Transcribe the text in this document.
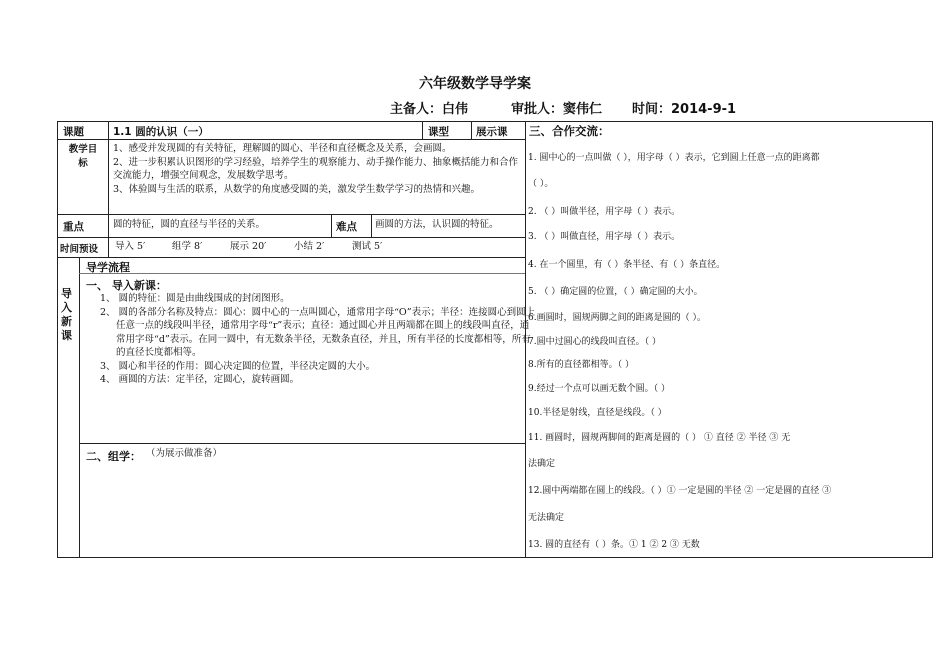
六年级数学导学案
主备人：白伟	审批人：窦伟仁 时间：2014-9-1
课题	1.1 圆的认识（一）	课型	展示课
教学目标
1、感受并发现圆的有关特征，理解圆的圆心、半径和直径概念及关系，会画圆。
2、进一步积累认识图形的学习经验，培养学生的观察能力、动手操作能力、抽象概括能力和合作交流能力，增强空间观念，发展数学思考。
3、体验圆与生活的联系，从数学的角度感受圆的美，激发学生数学学习的热情和兴趣。
重点	圆的特征，圆的直径与半径的关系。	难点 画圆的方法，认识圆的特征。
时间预设 导入 5′	组学 8′	展示 20′	小结 2′	测试 5′
导学流程
导入新课
一、 导入新课：
1、 圆的特征：圆是由曲线围成的封闭图形。
2、 圆的各部分名称及特点：圆心：圆中心的一点叫圆心，通常用字母“O”表示；半径：连接圆心到圆上任意一点的线段叫半径，通常用字母“r”表示；直径：通过圆心并且两端都在圆上的线段叫直径，通常用字母“d”表示。在同一圆中，有无数条半径，无数条直径，并且，所有半径的长度都相等，所有的直径长度都相等。
3、 圆心和半径的作用：圆心决定圆的位置，半径决定圆的大小。
4、 画圆的方法：定半径，定圆心，旋转画圆。
二、组学： （为展示做准备）
三、合作交流：
1. 圆中心的一点叫做（ ），用字母（ ）表示，它到圆上任意一点的距离都
（ ）。
2. （ ）叫做半径，用字母（ ）表示。
3. （ ）叫做直径，用字母（ ）表示。
4. 在一个圆里，有（ ）条半径、有（ ）条直径。
5. （ ）确定圆的位置，（ ）确定圆的大小。
6.画圆时，圆规两脚之间的距离是圆的（ ）。
7.圆中过圆心的线段叫直径。（ ）
8.所有的直径都相等。（ ）
9.经过一个点可以画无数个圆。（ ）
10.半径是射线，直径是线段。（ ）
11. 画圆时，圆规两脚间的距离是圆的（ ） ① 直径 ② 半径 ③ 无
法确定
12.圆中两端都在圆上的线段。（ ）① 一定是圆的半径 ② 一定是圆的直径 ③
无法确定
13. 圆的直径有（ ）条。① 1 ② 2 ③ 无数
